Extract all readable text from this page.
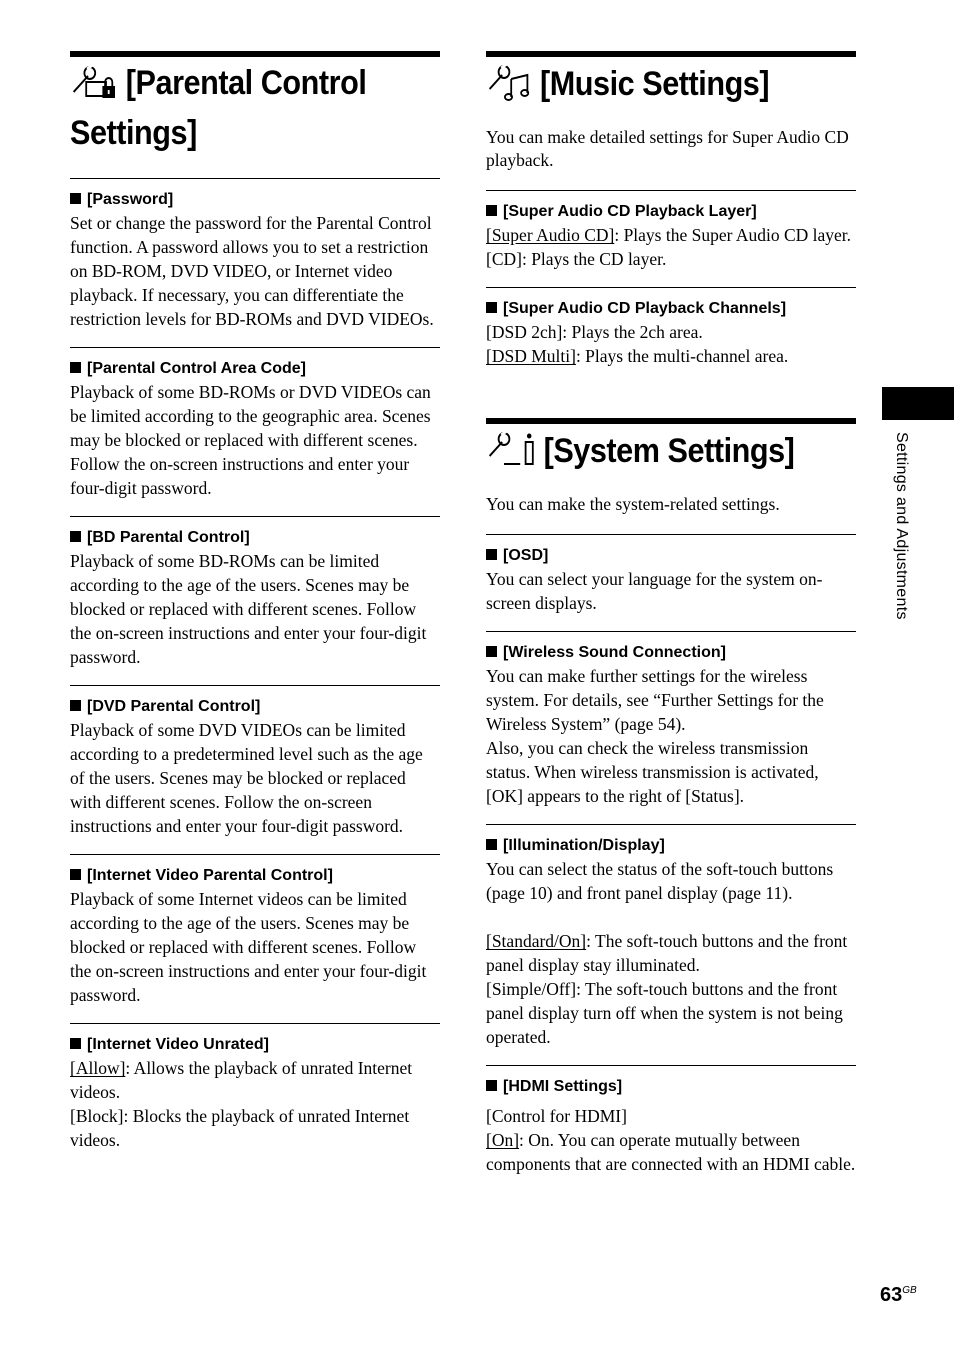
[Parental Control
Settings]
[Password]
Set or change the password for the Parental Control function. A password allows you to set a restriction on BD-ROM, DVD VIDEO, or Internet video playback. If necessary, you can differentiate the restriction levels for BD-ROMs and DVD VIDEOs.
[Parental Control Area Code]
Playback of some BD-ROMs or DVD VIDEOs can be limited according to the geographic area. Scenes may be blocked or replaced with different scenes. Follow the on-screen instructions and enter your four-digit password.
[BD Parental Control]
Playback of some BD-ROMs can be limited according to the age of the users. Scenes may be blocked or replaced with different scenes. Follow the on-screen instructions and enter your four-digit password.
[DVD Parental Control]
Playback of some DVD VIDEOs can be limited according to a predetermined level such as the age of the users. Scenes may be blocked or replaced with different scenes. Follow the on-screen instructions and enter your four-digit password.
[Internet Video Parental Control]
Playback of some Internet videos can be limited according to the age of the users. Scenes may be blocked or replaced with different scenes. Follow the on-screen instructions and enter your four-digit password.
[Internet Video Unrated]
[Allow]: Allows the playback of unrated Internet videos.
[Block]: Blocks the playback of unrated Internet videos.
[Music Settings]
You can make detailed settings for Super Audio CD playback.
[Super Audio CD Playback Layer]
[Super Audio CD]: Plays the Super Audio CD layer.
[CD]: Plays the CD layer.
[Super Audio CD Playback Channels]
[DSD 2ch]: Plays the 2ch area.
[DSD Multi]: Plays the multi-channel area.
[System Settings]
You can make the system-related settings.
[OSD]
You can select your language for the system on-screen displays.
[Wireless Sound Connection]
You can make further settings for the wireless system. For details, see “Further Settings for the Wireless System” (page 54).
Also, you can check the wireless transmission status. When wireless transmission is activated, [OK] appears to the right of [Status].
[Illumination/Display]
You can select the status of the soft-touch buttons (page 10) and front panel display (page 11).
[Standard/On]: The soft-touch buttons and the front panel display stay illuminated.
[Simple/Off]: The soft-touch buttons and the front panel display turn off when the system is not being operated.
[HDMI Settings]
[Control for HDMI]
[On]: On. You can operate mutually between components that are connected with an HDMI cable.
Settings and Adjustments
$63^{GB}$
